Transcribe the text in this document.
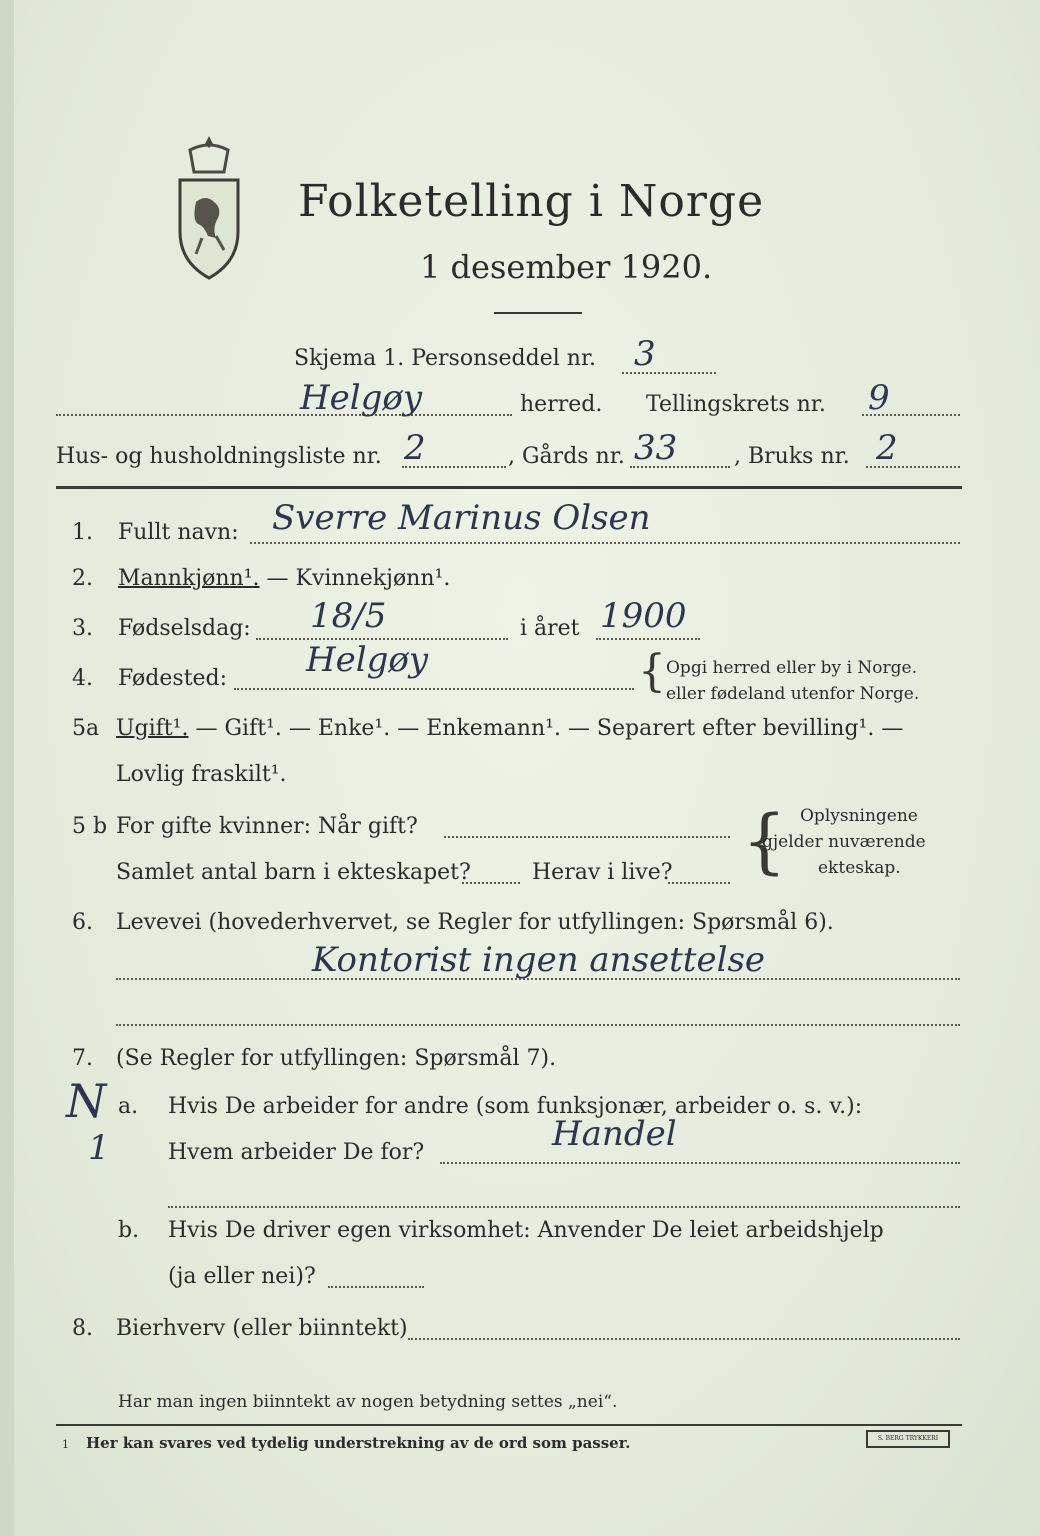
Folketelling i Norge
1 desember 1920.
Skjema 1. Personseddel nr. 3
Helgøy	herred. Tellingskrets nr. 9
Hus- og husholdningsliste nr. 2	, Gårds nr. 33	, Bruks nr. 2
1. Fullt navn: Sverre Marinus Olsen
2. Mannkjønn¹. — Kvinnekjønn¹.
3. Fødselsdag: 18/5	i året 1900
4. Fødested: Helgøy	{ Opgi herred eller by i Norge.
eller fødeland utenfor Norge.
5a Ugift¹. — Gift¹. — Enke¹. — Enkemann¹. — Separert efter bevilling¹. —
Lovlig fraskilt¹.
5 b For gifte kvinner: Når gift?
Samlet antal barn i ekteskapet?	Herav i live? { Oplysningene
gjelder nuværende
ekteskap.
6. Levevei (hovederhvervet, se Regler for utfyllingen: Spørsmål 6).
Kontorist ingen ansettelse
7. (Se Regler for utfyllingen: Spørsmål 7).
N
1
a. Hvis De arbeider for andre (som funksjonær, arbeider o. s. v.):
Hvem arbeider De for?	Handel
b. Hvis De driver egen virksomhet: Anvender De leiet arbeidshjelp
(ja eller nei)?
8. Bierhverv (eller biinntekt)
Har man ingen biinntekt av nogen betydning settes „nei“.
1 Her kan svares ved tydelig understrekning av de ord som passer.	S. BERG TRYKKERI
